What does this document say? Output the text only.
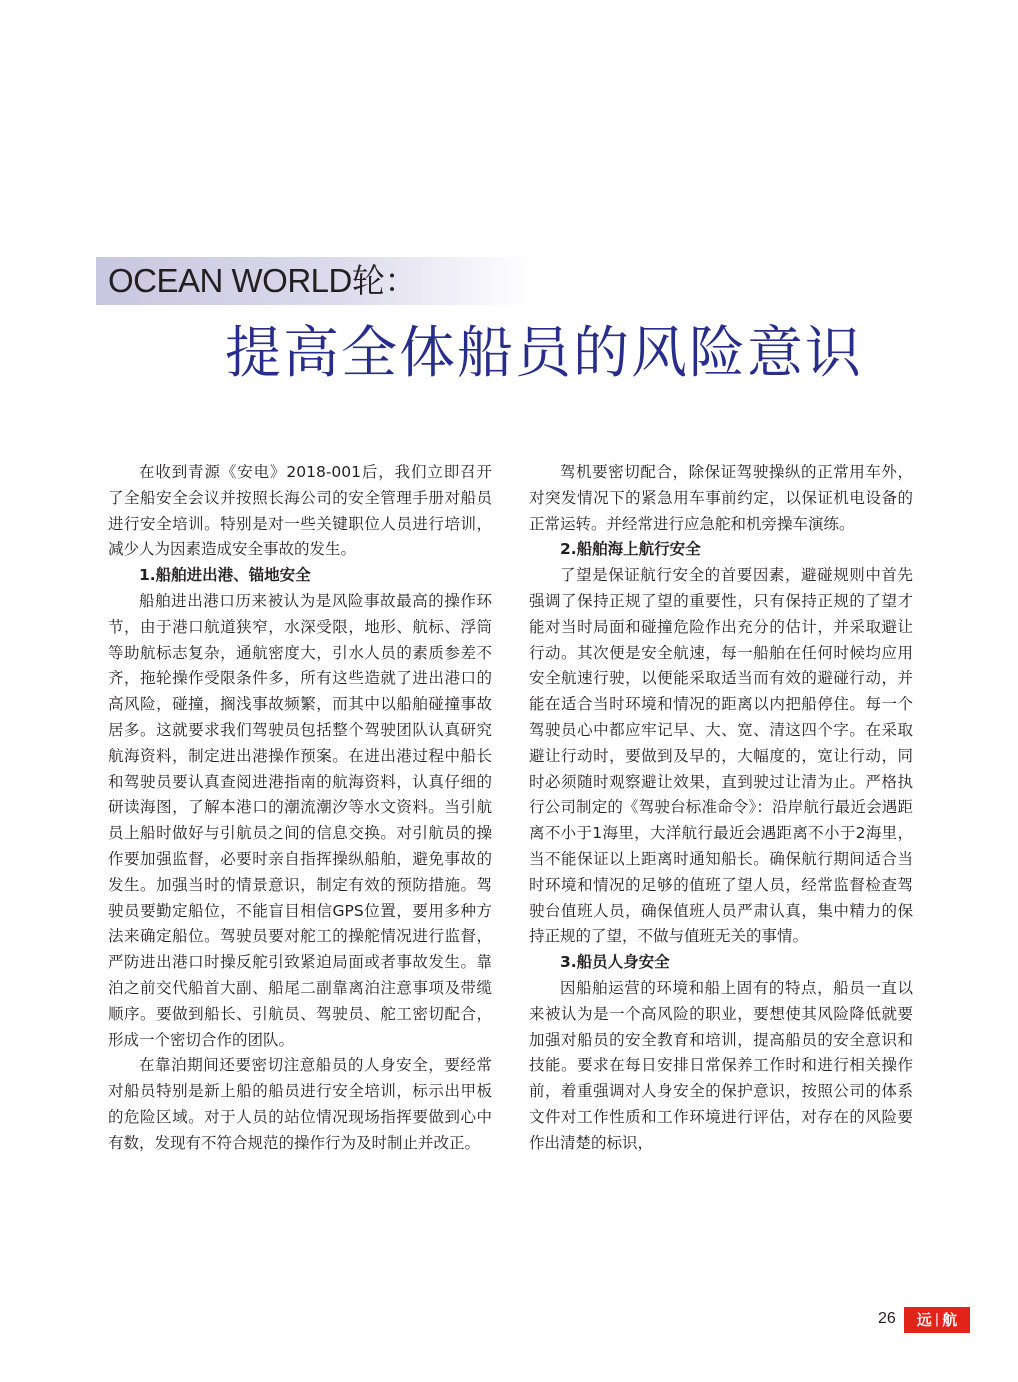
OCEAN WORLD轮：
提高全体船员的风险意识

在收到青源《安电》2018-001后，我们立即召开了全船安全会议并按照长海公司的安全管理手册对船员进行安全培训。特别是对一些关键职位人员进行培训，减少人为因素造成安全事故的发生。

1.船舶进出港、锚地安全

船舶进出港口历来被认为是风险事故最高的操作环节，由于港口航道狭窄，水深受限，地形、航标、浮筒等助航标志复杂，通航密度大，引水人员的素质参差不齐，拖轮操作受限条件多，所有这些造就了进出港口的高风险，碰撞，搁浅事故频繁，而其中以船舶碰撞事故居多。这就要求我们驾驶员包括整个驾驶团队认真研究航海资料，制定进出港操作预案。在进出港过程中船长和驾驶员要认真查阅进港指南的航海资料，认真仔细的研读海图，了解本港口的潮流潮汐等水文资料。当引航员上船时做好与引航员之间的信息交换。对引航员的操作要加强监督，必要时亲自指挥操纵船舶，避免事故的发生。加强当时的情景意识，制定有效的预防措施。驾驶员要勤定船位，不能盲目相信GPS位置，要用多种方法来确定船位。驾驶员要对舵工的操舵情况进行监督，严防进出港口时操反舵引致紧迫局面或者事故发生。靠泊之前交代船首大副、船尾二副靠离泊注意事项及带缆顺序。要做到船长、引航员、驾驶员、舵工密切配合，形成一个密切合作的团队。

在靠泊期间还要密切注意船员的人身安全，要经常对船员特别是新上船的船员进行安全培训，标示出甲板的危险区域。对于人员的站位情况现场指挥要做到心中有数，发现有不符合规范的操作行为及时制止并改正。

驾机要密切配合，除保证驾驶操纵的正常用车外，对突发情况下的紧急用车事前约定，以保证机电设备的正常运转。并经常进行应急舵和机旁操车演练。

2.船舶海上航行安全

了望是保证航行安全的首要因素，避碰规则中首先强调了保持正规了望的重要性，只有保持正规的了望才能对当时局面和碰撞危险作出充分的估计，并采取避让行动。其次便是安全航速，每一船舶在任何时候均应用安全航速行驶，以便能采取适当而有效的避碰行动，并能在适合当时环境和情况的距离以内把船停住。每一个驾驶员心中都应牢记早、大、宽、清这四个字。在采取避让行动时，要做到及早的，大幅度的，宽让行动，同时必须随时观察避让效果，直到驶过让清为止。严格执行公司制定的《驾驶台标准命令》：沿岸航行最近会遇距离不小于1海里，大洋航行最近会遇距离不小于2海里，当不能保证以上距离时通知船长。确保航行期间适合当时环境和情况的足够的值班了望人员，经常监督检查驾驶台值班人员，确保值班人员严肃认真，集中精力的保持正规的了望，不做与值班无关的事情。

3.船员人身安全

因船舶运营的环境和船上固有的特点，船员一直以来被认为是一个高风险的职业，要想使其风险降低就要加强对船员的安全教育和培训，提高船员的安全意识和技能。要求在每日安排日常保养工作时和进行相关操作前，着重强调对人身安全的保护意识，按照公司的体系文件对工作性质和工作环境进行评估，对存在的风险要作出清楚的标识，

26 远 | 航
